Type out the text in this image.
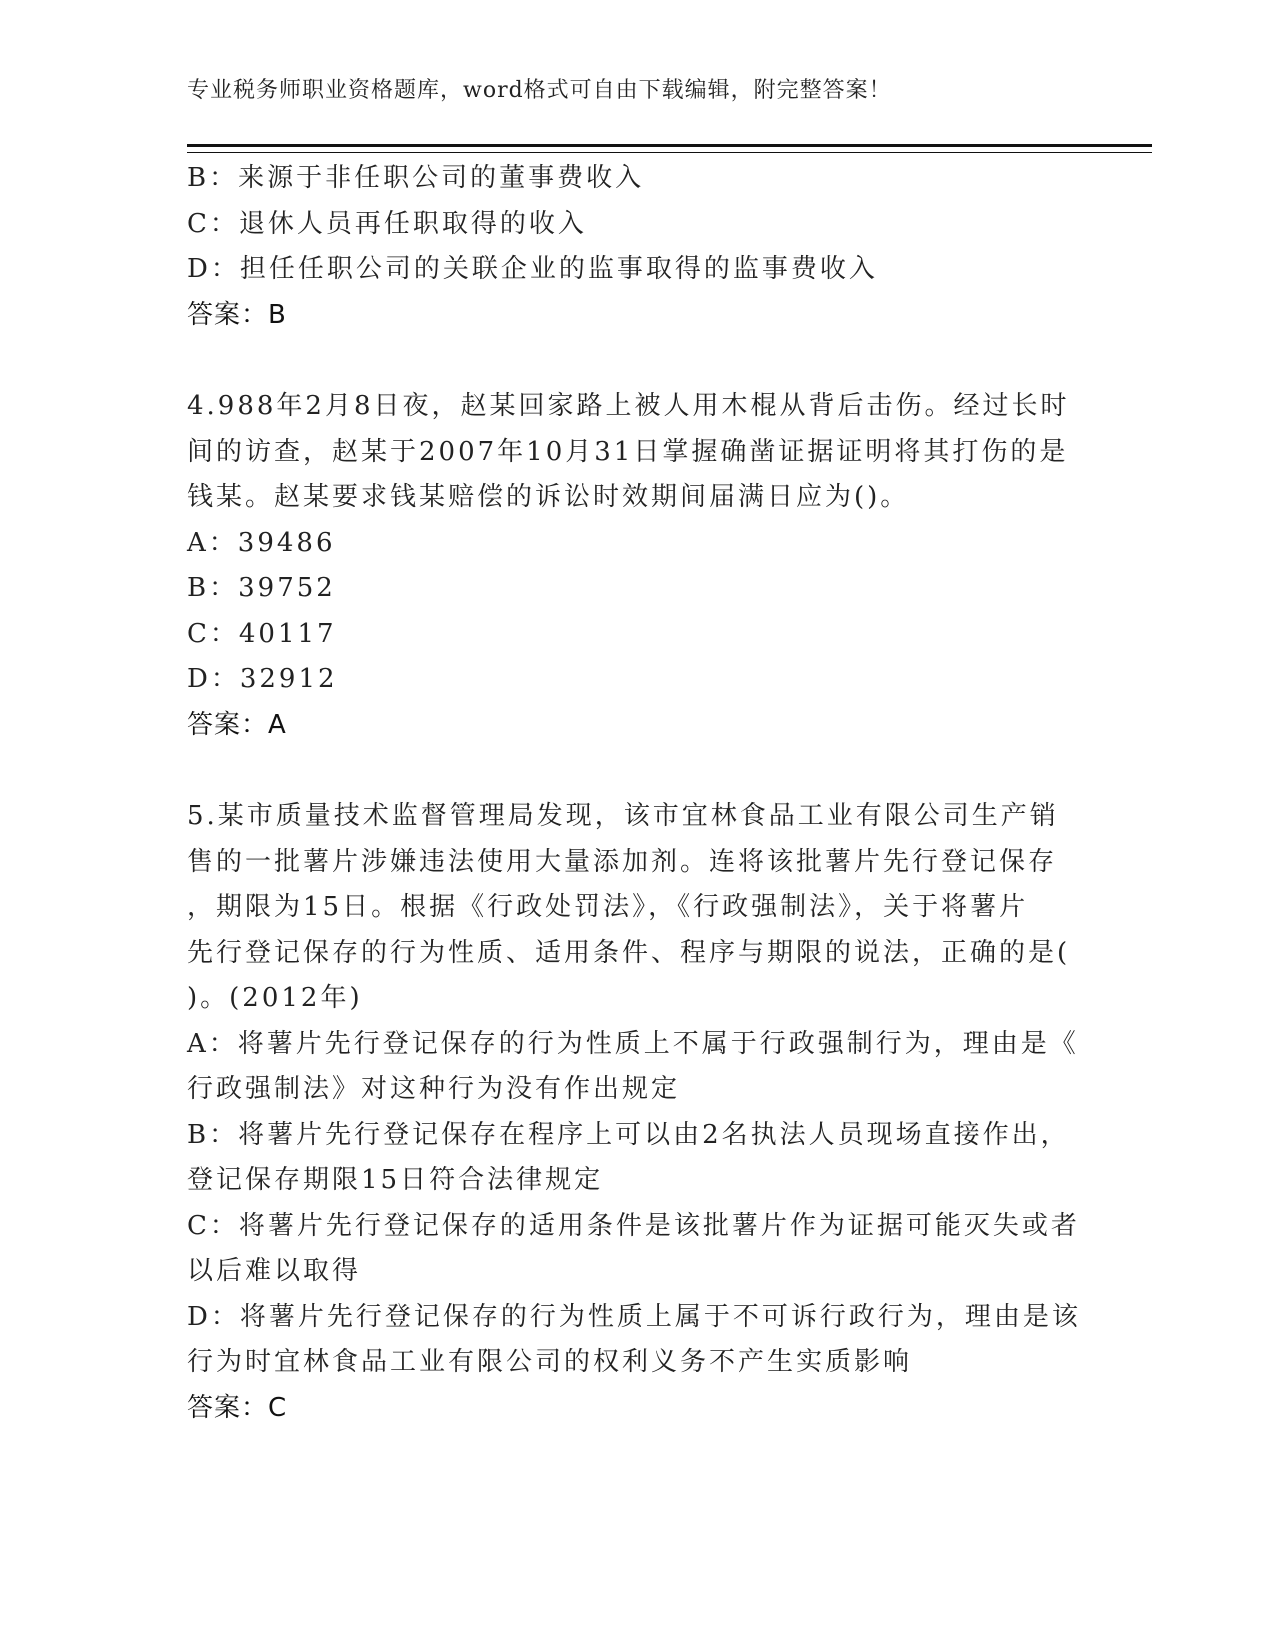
专业税务师职业资格题库，word格式可自由下载编辑，附完整答案！
B：来源于非任职公司的董事费收入
C：退休人员再任职取得的收入
D：担任任职公司的关联企业的监事取得的监事费收入
答案：B
4.988年2月8日夜，赵某回家路上被人用木棍从背后击伤。经过长时
间的访查，赵某于2007年10月31日掌握确凿证据证明将其打伤的是
钱某。赵某要求钱某赔偿的诉讼时效期间届满日应为()。
A：39486
B：39752
C：40117
D：32912
答案：A
5.某市质量技术监督管理局发现，该市宜林食品工业有限公司生产销
售的一批薯片涉嫌违法使用大量添加剂。连将该批薯片先行登记保存
，期限为15日。根据《行政处罚法》，《行政强制法》，关于将薯片
先行登记保存的行为性质、适用条件、程序与期限的说法，正确的是(
)。(2012年)
A：将薯片先行登记保存的行为性质上不属于行政强制行为，理由是《
行政强制法》对这种行为没有作出规定
B：将薯片先行登记保存在程序上可以由2名执法人员现场直接作出，
登记保存期限15日符合法律规定
C：将薯片先行登记保存的适用条件是该批薯片作为证据可能灭失或者
以后难以取得
D：将薯片先行登记保存的行为性质上属于不可诉行政行为，理由是该
行为时宜林食品工业有限公司的权利义务不产生实质影响
答案：C
